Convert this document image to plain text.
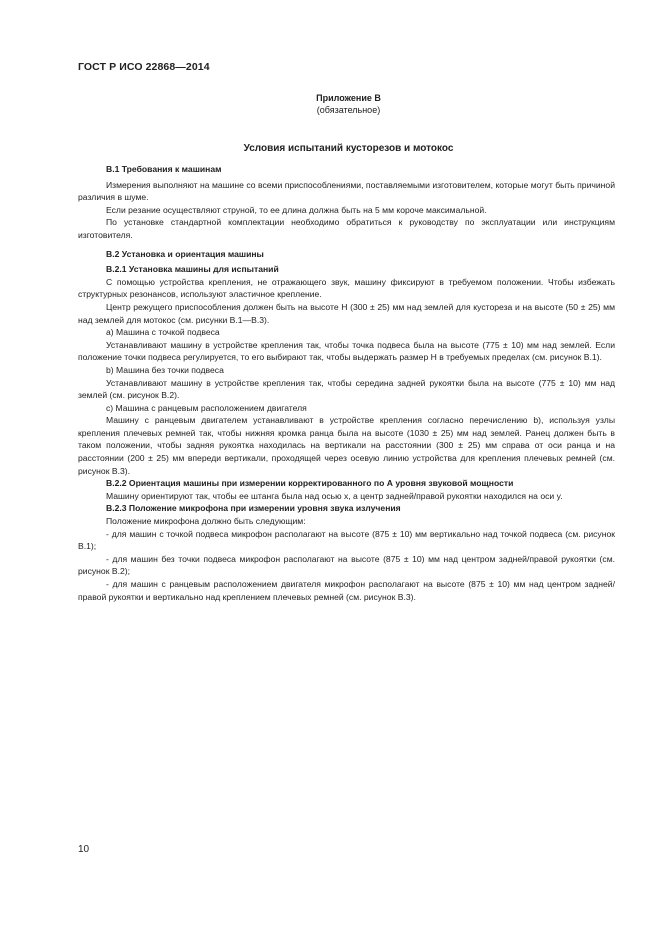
ГОСТ Р ИСО 22868—2014
Приложение В
(обязательное)
Условия испытаний кусторезов и мотокос

В.1 Требования к машинам

Измерения выполняют на машине со всеми приспособлениями, поставляемыми изготовителем, которые могут быть причиной различия в шуме.

Если резание осуществляют струной, то ее длина должна быть на 5 мм короче максимальной.

По установке стандартной комплектации необходимо обратиться к руководству по эксплуатации или инструкциям изготовителя.

В.2 Установка и ориентация машины

В.2.1 Установка машины для испытаний

С помощью устройства крепления, не отражающего звук, машину фиксируют в требуемом положении. Чтобы избежать структурных резонансов, используют эластичное крепление.

Центр режущего приспособления должен быть на высоте H (300 ± 25) мм над землей для кустореза и на высоте (50 ± 25) мм над землей для мотокос (см. рисунки В.1—В.3).

a) Машина с точкой подвеса

Устанавливают машину в устройстве крепления так, чтобы точка подвеса была на высоте (775 ± 10) мм над землей. Если положение точки подвеса регулируется, то его выбирают так, чтобы выдержать размер H в требуемых пределах (см. рисунок В.1).

b) Машина без точки подвеса

Устанавливают машину в устройстве крепления так, чтобы середина задней рукоятки была на высоте (775 ± 10) мм над землей (см. рисунок В.2).

c) Машина с ранцевым расположением двигателя

Машину с ранцевым двигателем устанавливают в устройстве крепления согласно перечислению b), используя узлы крепления плечевых ремней так, чтобы нижняя кромка ранца была на высоте (1030 ± 25) мм над землей. Ранец должен быть в таком положении, чтобы задняя рукоятка находилась на вертикали на расстоянии (300 ± 25) мм справа от оси ранца и на расстоянии (200 ± 25) мм впереди вертикали, проходящей через осевую линию устройства для крепления плечевых ремней (см. рисунок В.3).

В.2.2 Ориентация машины при измерении корректированного по А уровня звуковой мощности

Машину ориентируют так, чтобы ее штанга была над осью x, а центр задней/правой рукоятки находился на оси y.

В.2.3 Положение микрофона при измерении уровня звука излучения

Положение микрофона должно быть следующим:

- для машин с точкой подвеса микрофон располагают на высоте (875 ± 10) мм вертикально над точкой подвеса (см. рисунок В.1);

- для машин без точки подвеса микрофон располагают на высоте (875 ± 10) мм над центром задней/правой рукоятки (см. рисунок В.2);

- для машин с ранцевым расположением двигателя микрофон располагают на высоте (875 ± 10) мм над центром задней/правой рукоятки и вертикально над креплением плечевых ремней (см. рисунок В.3).

10
